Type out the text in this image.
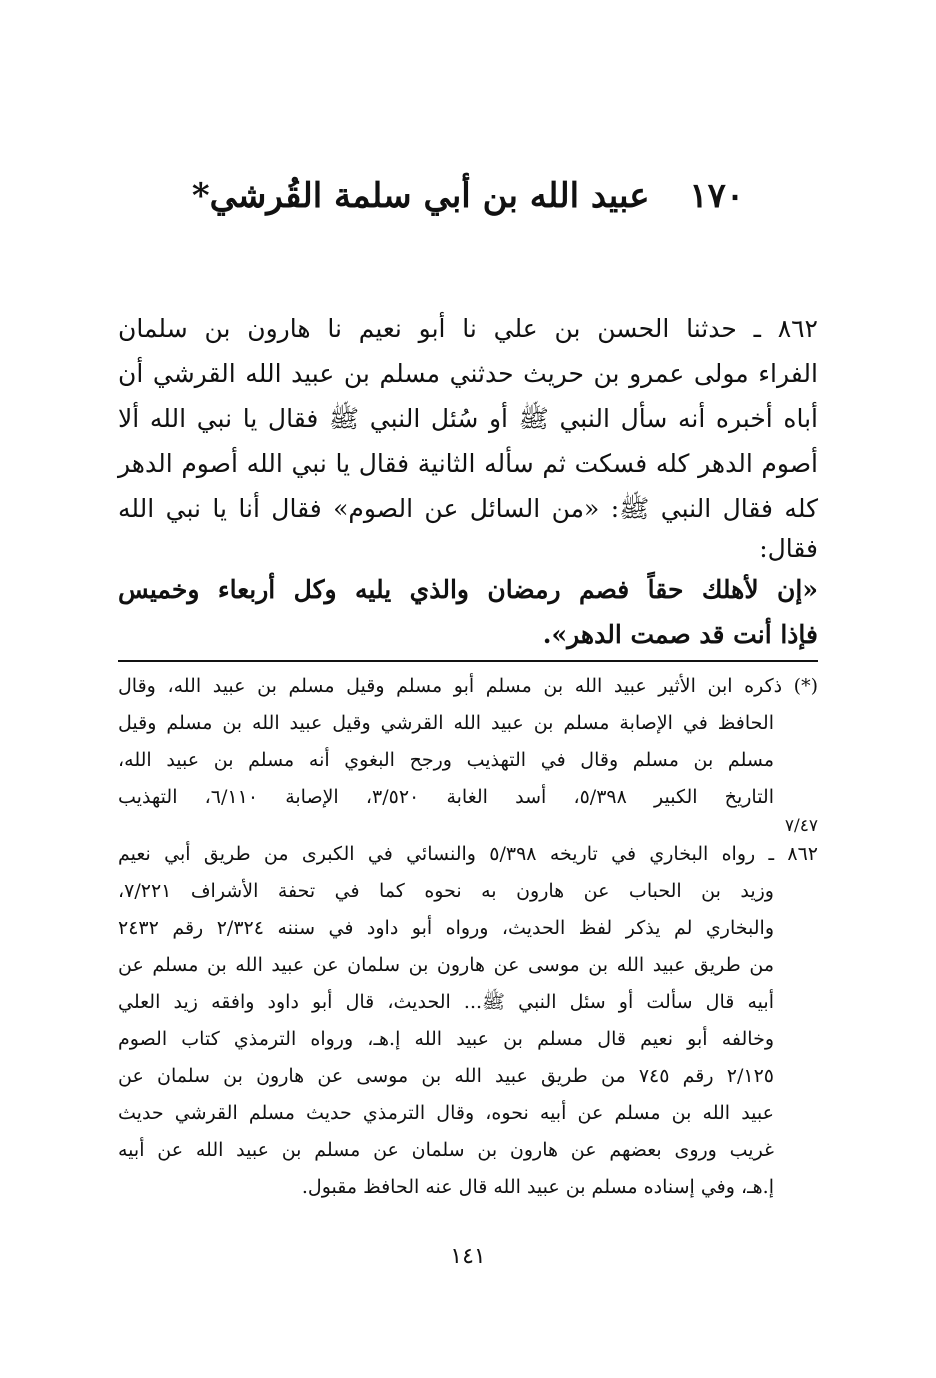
١٧٠ عبيد الله بن أبي سلمة القُرشي*
٨٦٢ ـ حدثنا الحسن بن علي نا أبو نعيم نا هارون بن سلمان
الفراء مولى عمرو بن حريث حدثني مسلم بن عبيد الله القرشي أن
أباه أخبره أنه سأل النبي ﷺ أو سُئل النبي ﷺ فقال يا نبي الله ألا
أصوم الدهر كله فسكت ثم سأله الثانية فقال يا نبي الله أصوم الدهر
كله فقال النبي ﷺ: «من السائل عن الصوم» فقال أنا يا نبي الله
فقال:
«إن لأهلك حقاً فصم رمضان والذي يليه وكل أربعاء وخميس
فإذا أنت قد صمت الدهر».
(*) ذكره ابن الأثير عبيد الله بن مسلم أبو مسلم وقيل مسلم بن عبيد الله، وقال
الحافظ في الإصابة مسلم بن عبيد الله القرشي وقيل عبيد الله بن مسلم وقيل
مسلم بن مسلم وقال في التهذيب ورجح البغوي أنه مسلم بن عبيد الله،
التاريخ الكبير ٥/٣٩٨، أسد الغابة ٣/٥٢٠، الإصابة ٦/١١٠، التهذيب
٧/٤٧
٨٦٢ ـ رواه البخاري في تاريخه ٥/٣٩٨ والنسائي في الكبرى من طريق أبي نعيم
وزيد بن الحباب عن هارون به نحوه كما في تحفة الأشراف ٧/٢٢١،
والبخاري لم يذكر لفظ الحديث، ورواه أبو داود في سننه ٢/٣٢٤ رقم ٢٤٣٢
من طريق عبيد الله بن موسى عن هارون بن سلمان عن عبيد الله بن مسلم عن
أبيه قال سألت أو سئل النبي ﷺ... الحديث، قال أبو داود وافقه زيد العلي
وخالفه أبو نعيم قال مسلم بن عبيد الله إ.هـ، ورواه الترمذي كتاب الصوم
٢/١٢٥ رقم ٧٤٥ من طريق عبيد الله بن موسى عن هارون بن سلمان عن
عبيد الله بن مسلم عن أبيه نحوه، وقال الترمذي حديث مسلم القرشي حديث
غريب وروى بعضهم عن هارون بن سلمان عن مسلم بن عبيد الله عن أبيه
إ.هـ، وفي إسناده مسلم بن عبيد الله قال عنه الحافظ مقبول.
١٤١
